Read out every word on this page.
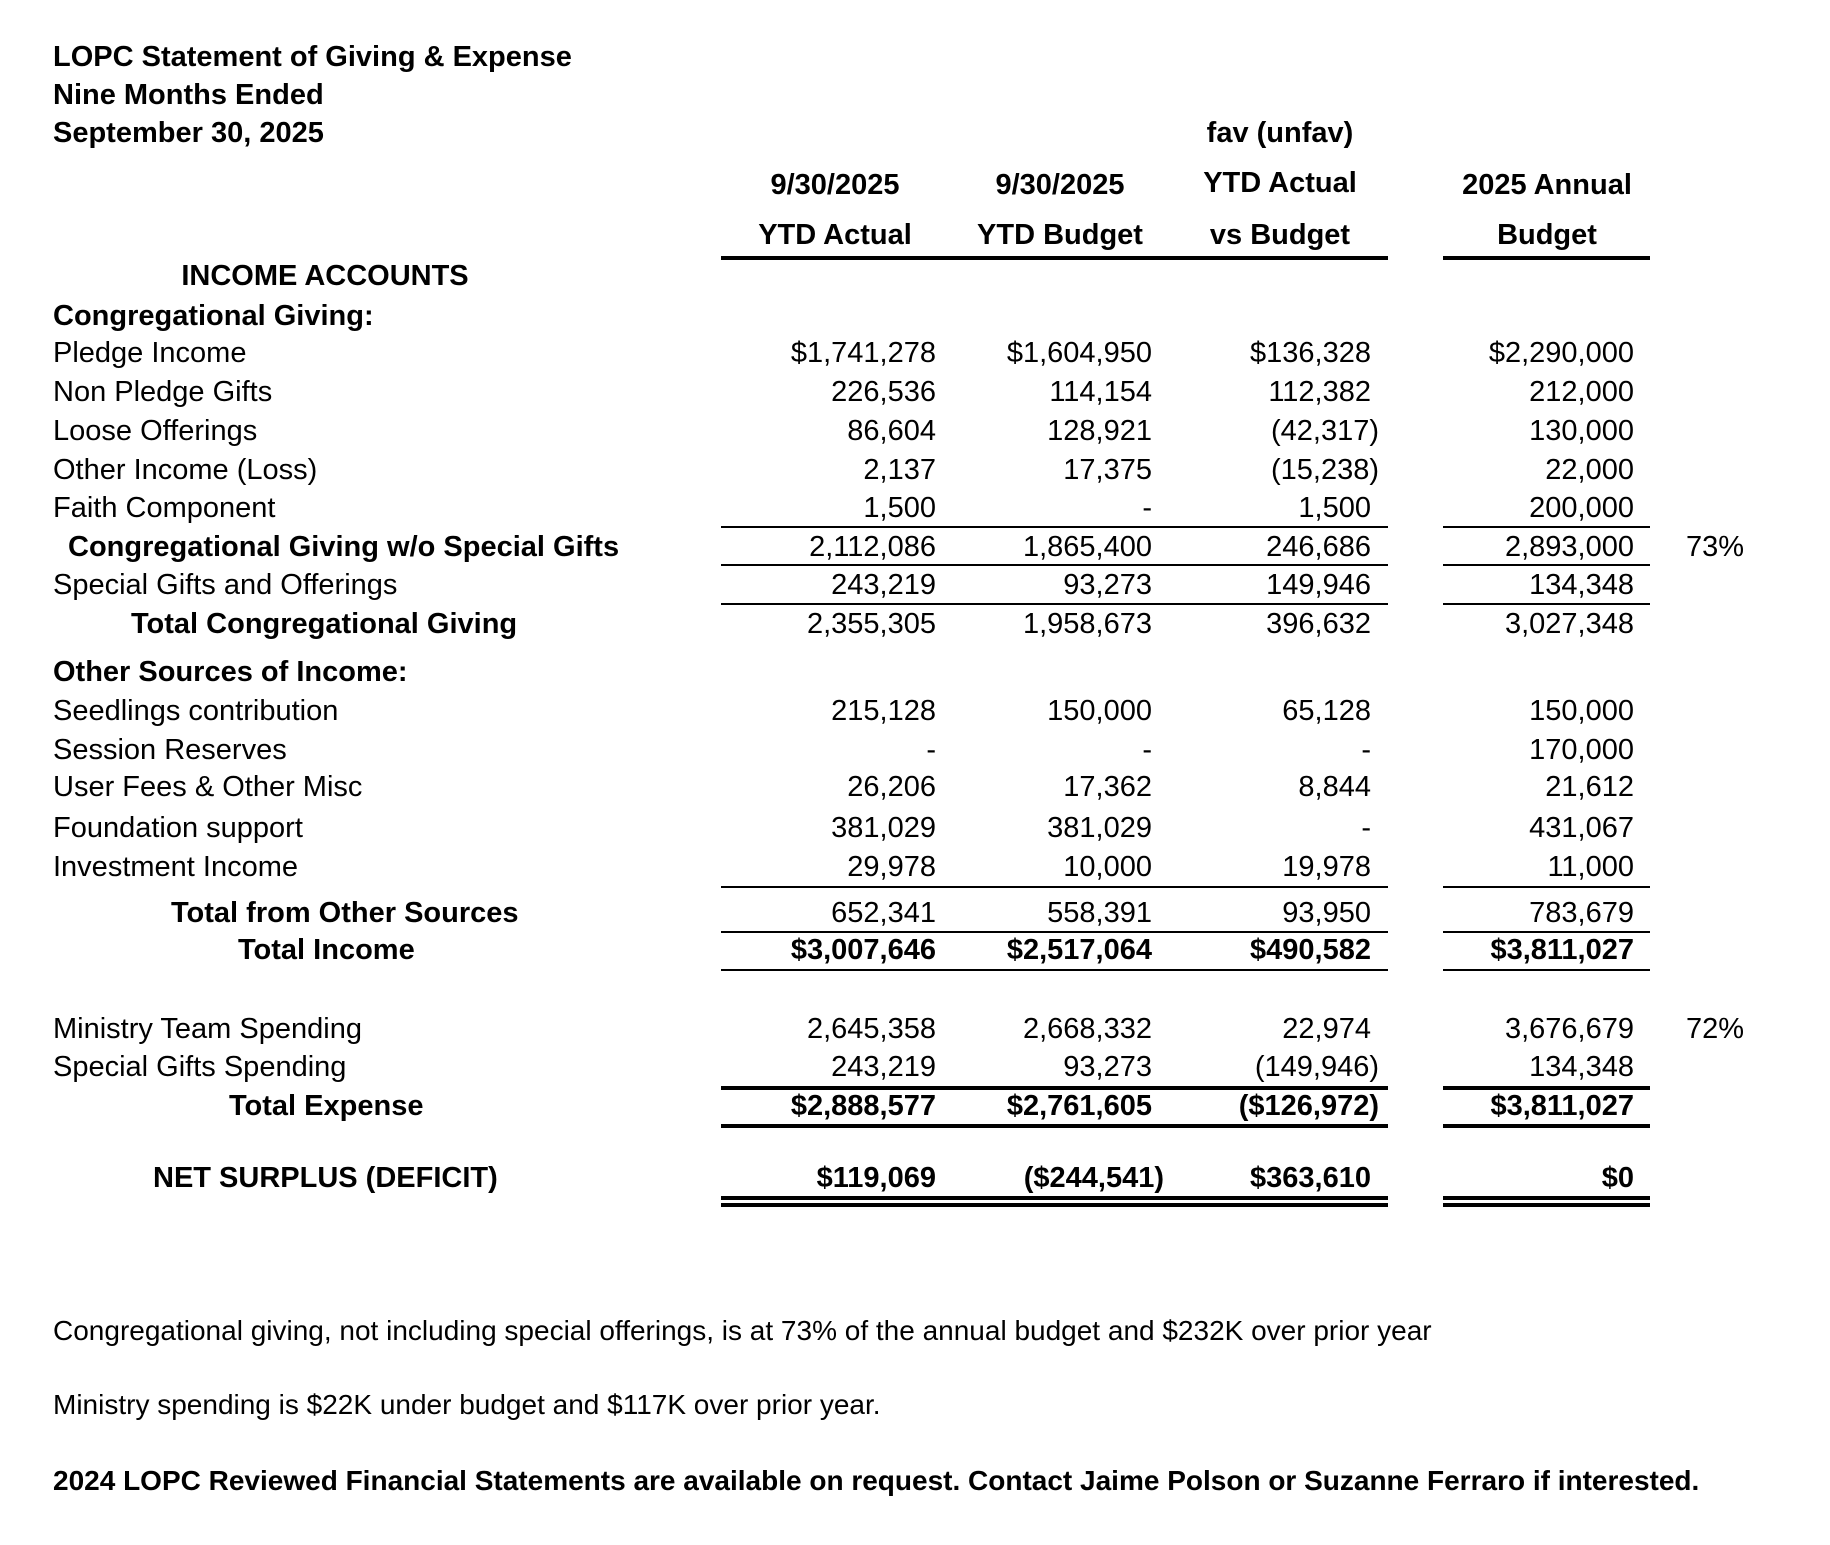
LOPC Statement of Giving & Expense
Nine Months Ended
September 30, 2025	fav (unfav)
9/30/2025	9/30/2025	YTD Actual	2025 Annual
YTD Actual	YTD Budget	vs Budget	Budget
INCOME ACCOUNTS
Congregational Giving:
Pledge Income	$1,741,278	$1,604,950	$136,328	$2,290,000
Non Pledge Gifts	226,536	114,154	112,382	212,000
Loose Offerings	86,604	128,921	(42,317)	130,000
Other Income (Loss)	2,137	17,375	(15,238)	22,000
Faith Component	1,500	-	1,500	200,000
Congregational Giving w/o Special Gifts	2,112,086	1,865,400	246,686	2,893,000 73%
Special Gifts and Offerings	243,219	93,273	149,946	134,348
Total Congregational Giving	2,355,305	1,958,673	396,632	3,027,348
Other Sources of Income:
Seedlings contribution	215,128	150,000	65,128	150,000
Session Reserves	-	-	-	170,000
User Fees & Other Misc	26,206	17,362	8,844	21,612
Foundation support	381,029	381,029	-	431,067
Investment Income	29,978	10,000	19,978	11,000
Total from Other Sources	652,341	558,391	93,950	783,679
Total Income	$3,007,646	$2,517,064	$490,582	$3,811,027
Ministry Team Spending	2,645,358	2,668,332	22,974	3,676,679 72%
Special Gifts Spending	243,219	93,273	(149,946)	134,348
Total Expense	$2,888,577	$2,761,605	($126,972)	$3,811,027
NET SURPLUS (DEFICIT)	$119,069	($244,541)	$363,610	$0
Congregational giving, not including special offerings, is at 73% of the annual budget and $232K over prior year
Ministry spending is $22K under budget and $117K over prior year.
2024 LOPC Reviewed Financial Statements are available on request. Contact Jaime Polson or Suzanne Ferraro if interested.
